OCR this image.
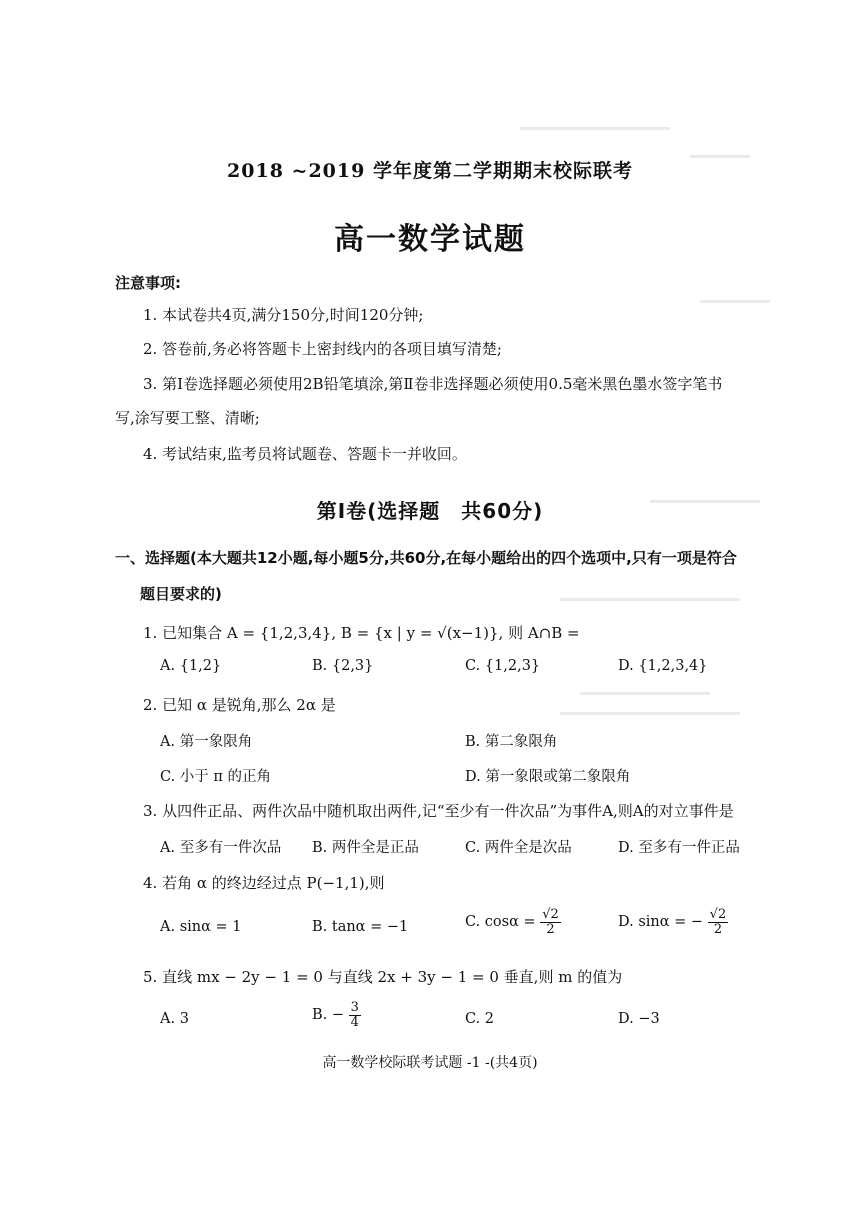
2018 ~2019 学年度第二学期期末校际联考
高一数学试题
注意事项:
1. 本试卷共4页,满分150分,时间120分钟;
2. 答卷前,务必将答题卡上密封线内的各项目填写清楚;
3. 第Ⅰ卷选择题必须使用2B铅笔填涂,第Ⅱ卷非选择题必须使用0.5毫米黑色墨水签字笔书
写,涂写要工整、清晰;
4. 考试结束,监考员将试题卷、答题卡一并收回。
第Ⅰ卷(选择题　共60分)
一、选择题(本大题共12小题,每小题5分,共60分,在每小题给出的四个选项中,只有一项是符合
题目要求的)
1. 已知集合 A = {1,2,3,4}, B = {x | y = √(x−1)}, 则 A∩B =
A. {1,2}	B. {2,3}	C. {1,2,3}	D. {1,2,3,4}
2. 已知 α 是锐角,那么 2α 是
A. 第一象限角	B. 第二象限角
C. 小于 π 的正角	D. 第一象限或第二象限角
3. 从四件正品、两件次品中随机取出两件,记“至少有一件次品”为事件A,则A的对立事件是
A. 至多有一件次品 B. 两件全是正品	C. 两件全是次品	D. 至多有一件正品
4. 若角 α 的终边经过点 P(−1,1),则
A. sinα = 1	B. tanα = −1	C. $\cos\alpha = \frac{√2}{2}$	D. sinα = − $\frac{√2}{2}$
5. 直线 mx − 2y − 1 = 0 与直线 2x + 3y − 1 = 0 垂直,则 m 的值为
A. 3	B. − $\frac{3}{4}$	C. 2	D. −3
高一数学校际联考试题 -1 -(共4页)
